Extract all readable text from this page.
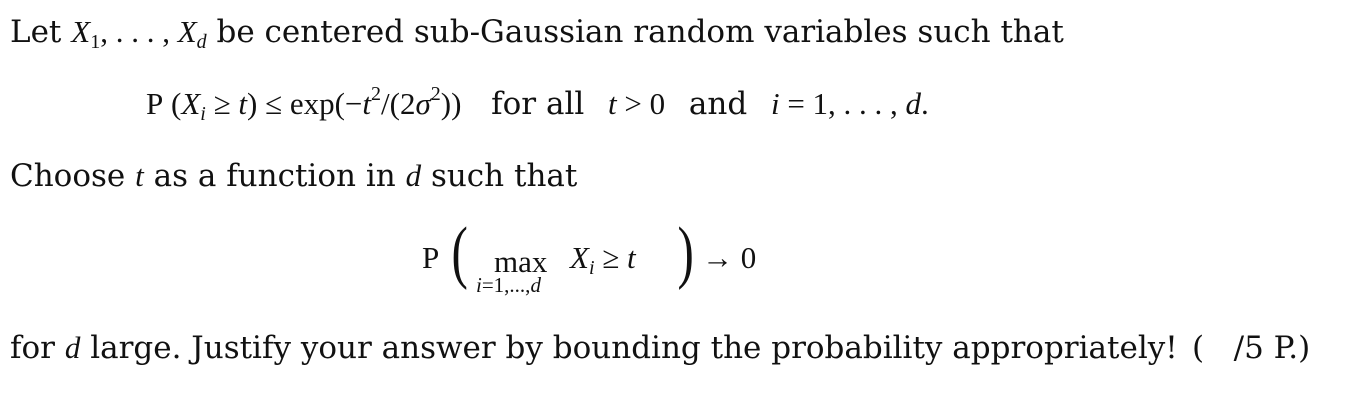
Let $X_1$, . . . , $X_d$ be centered sub-Gaussian random variables such that
P $(X_i \ge t) \le \exp(-t^2/(2\sigma^2))$ for all t > 0 and i = 1, . . . , d.
Choose t as a function in d such that
P ( max
i=1,...,d
$X_i \ge t$ ) → 0
for d large. Justify your answer by bounding the probability appropriately! (   /5 P.)
